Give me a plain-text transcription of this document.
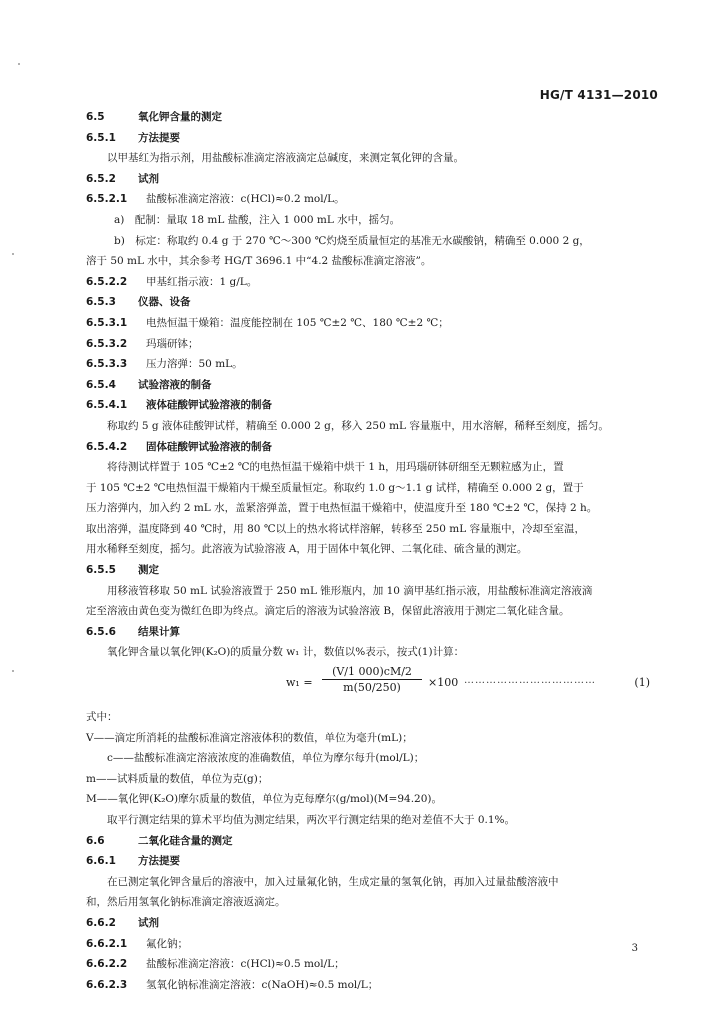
HG/T 4131—2010
6.5	氧化钾含量的测定
6.5.1 方法提要
以甲基红为指示剂，用盐酸标准滴定溶液滴定总碱度，来测定氧化钾的含量。
6.5.2 试剂
6.5.2.1 盐酸标准滴定溶液：c(HCl)≈0.2 mol/L。
a)　配制：量取 18 mL 盐酸，注入 1 000 mL 水中，摇匀。
b)　标定：称取约 0.4 g 于 270 ℃～300 ℃灼烧至质量恒定的基准无水碳酸钠，精确至 0.000 2 g，
溶于 50 mL 水中，其余参考 HG/T 3696.1 中“4.2 盐酸标准滴定溶液”。
6.5.2.2 甲基红指示液：1 g/L。
6.5.3 仪器、设备
6.5.3.1 电热恒温干燥箱：温度能控制在 105 ℃±2 ℃、180 ℃±2 ℃；
6.5.3.2 玛瑙研钵；
6.5.3.3 压力溶弹：50 mL。
6.5.4 试验溶液的制备
6.5.4.1 液体硅酸钾试验溶液的制备
称取约 5 g 液体硅酸钾试样，精确至 0.000 2 g，移入 250 mL 容量瓶中，用水溶解，稀释至刻度，摇匀。
6.5.4.2 固体硅酸钾试验溶液的制备
将待测试样置于 105 ℃±2 ℃的电热恒温干燥箱中烘干 1 h，用玛瑙研钵研细至无颗粒感为止，置
于 105 ℃±2 ℃电热恒温干燥箱内干燥至质量恒定。称取约 1.0 g～1.1 g 试样，精确至 0.000 2 g，置于
压力溶弹内，加入约 2 mL 水，盖紧溶弹盖，置于电热恒温干燥箱中，使温度升至 180 ℃±2 ℃，保持 2 h。
取出溶弹，温度降到 40 ℃时，用 80 ℃以上的热水将试样溶解，转移至 250 mL 容量瓶中，冷却至室温，
用水稀释至刻度，摇匀。此溶液为试验溶液 A，用于固体中氧化钾、二氧化硅、硫含量的测定。
6.5.5 测定
用移液管移取 50 mL 试验溶液置于 250 mL 锥形瓶内，加 10 滴甲基红指示液，用盐酸标准滴定溶液滴
定至溶液由黄色变为微红色即为终点。滴定后的溶液为试验溶液 B，保留此溶液用于测定二氧化硅含量。
6.5.6 结果计算
氧化钾含量以氧化钾(K₂O)的质量分数 w₁ 计，数值以%表示，按式(1)计算：
$w_1 = \frac{(V/1 000)cM/2}{m(50/250)} \times 100$ ………………………………	(1)
式中：
V——滴定所消耗的盐酸标准滴定溶液体积的数值，单位为毫升(mL)；
c——盐酸标准滴定溶液浓度的准确数值，单位为摩尔每升(mol/L)；
m——试料质量的数值，单位为克(g)；
M——氧化钾(K₂O)摩尔质量的数值，单位为克每摩尔(g/mol)(M=94.20)。
取平行测定结果的算术平均值为测定结果，两次平行测定结果的绝对差值不大于 0.1%。
6.6	二氧化硅含量的测定
6.6.1 方法提要
在已测定氧化钾含量后的溶液中，加入过量氟化钠，生成定量的氢氧化钠，再加入过量盐酸溶液中
和，然后用氢氧化钠标准滴定溶液返滴定。
6.6.2 试剂
6.6.2.1 氟化钠；
6.6.2.2 盐酸标准滴定溶液：c(HCl)≈0.5 mol/L；
6.6.2.3 氢氧化钠标准滴定溶液：c(NaOH)≈0.5 mol/L；
3
